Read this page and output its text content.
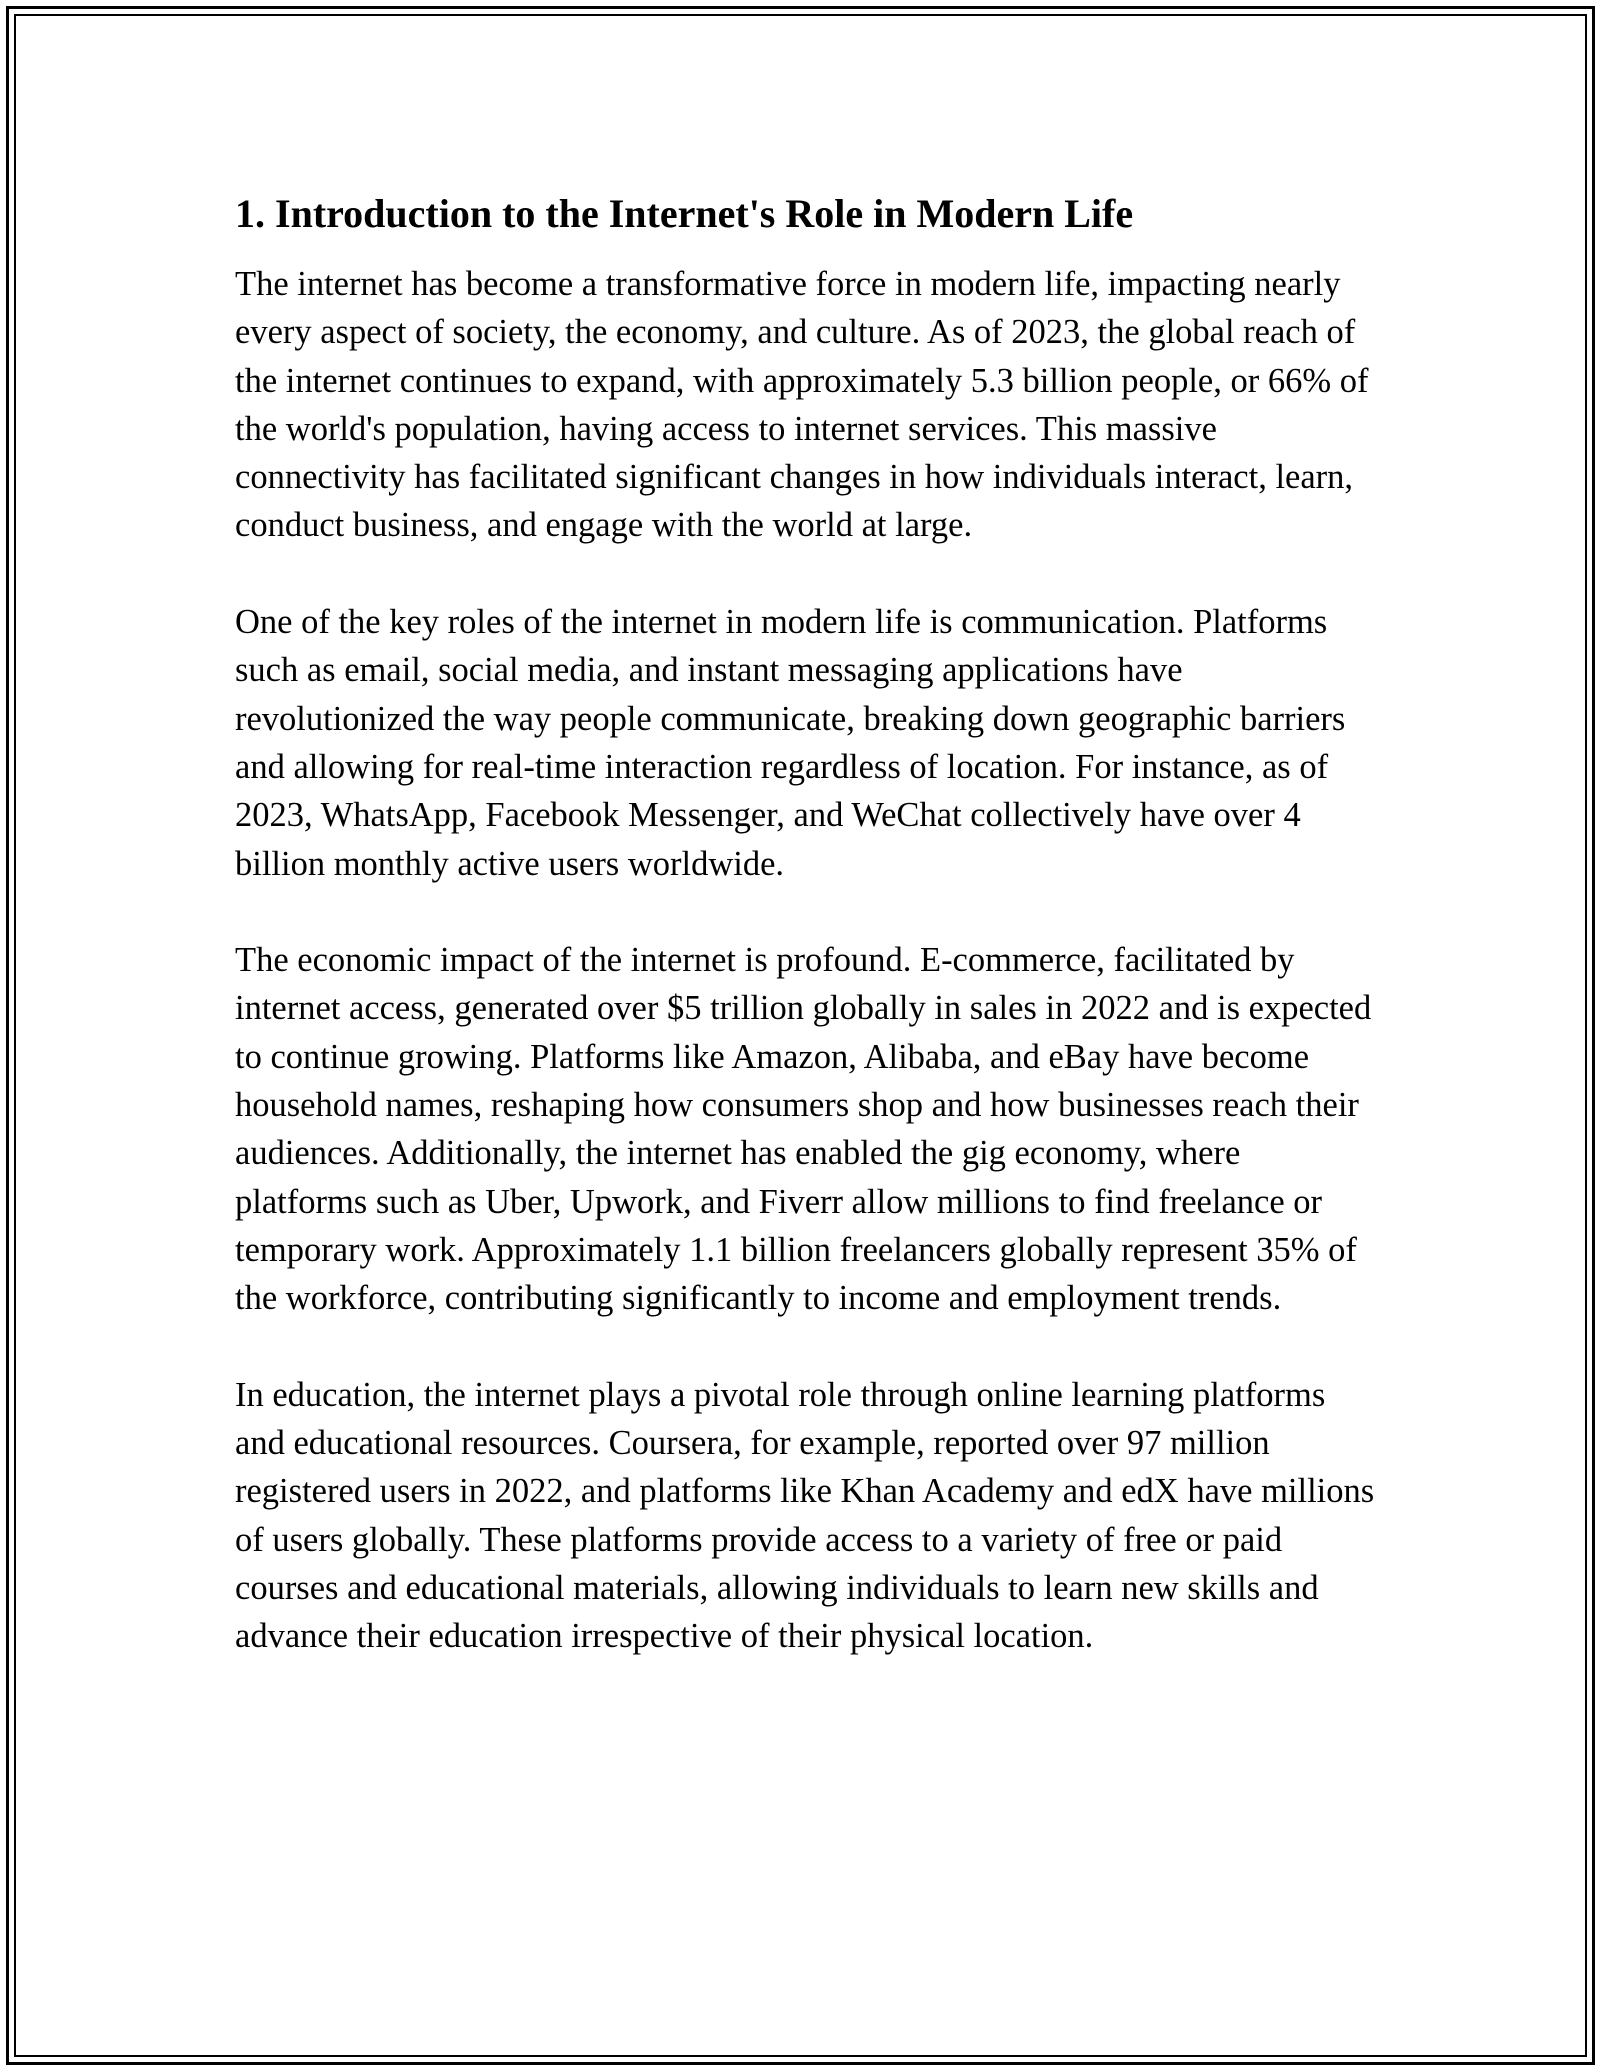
1. Introduction to the Internet's Role in Modern Life

The internet has become a transformative force in modern life, impacting nearly every aspect of society, the economy, and culture. As of 2023, the global reach of the internet continues to expand, with approximately 5.3 billion people, or 66% of the world's population, having access to internet services. This massive connectivity has facilitated significant changes in how individuals interact, learn, conduct business, and engage with the world at large.

One of the key roles of the internet in modern life is communication. Platforms such as email, social media, and instant messaging applications have revolutionized the way people communicate, breaking down geographic barriers and allowing for real-time interaction regardless of location. For instance, as of 2023, WhatsApp, Facebook Messenger, and WeChat collectively have over 4 billion monthly active users worldwide.

The economic impact of the internet is profound. E-commerce, facilitated by internet access, generated over $5 trillion globally in sales in 2022 and is expected to continue growing. Platforms like Amazon, Alibaba, and eBay have become household names, reshaping how consumers shop and how businesses reach their audiences. Additionally, the internet has enabled the gig economy, where platforms such as Uber, Upwork, and Fiverr allow millions to find freelance or temporary work. Approximately 1.1 billion freelancers globally represent 35% of the workforce, contributing significantly to income and employment trends.

In education, the internet plays a pivotal role through online learning platforms and educational resources. Coursera, for example, reported over 97 million registered users in 2022, and platforms like Khan Academy and edX have millions of users globally. These platforms provide access to a variety of free or paid courses and educational materials, allowing individuals to learn new skills and advance their education irrespective of their physical location.
